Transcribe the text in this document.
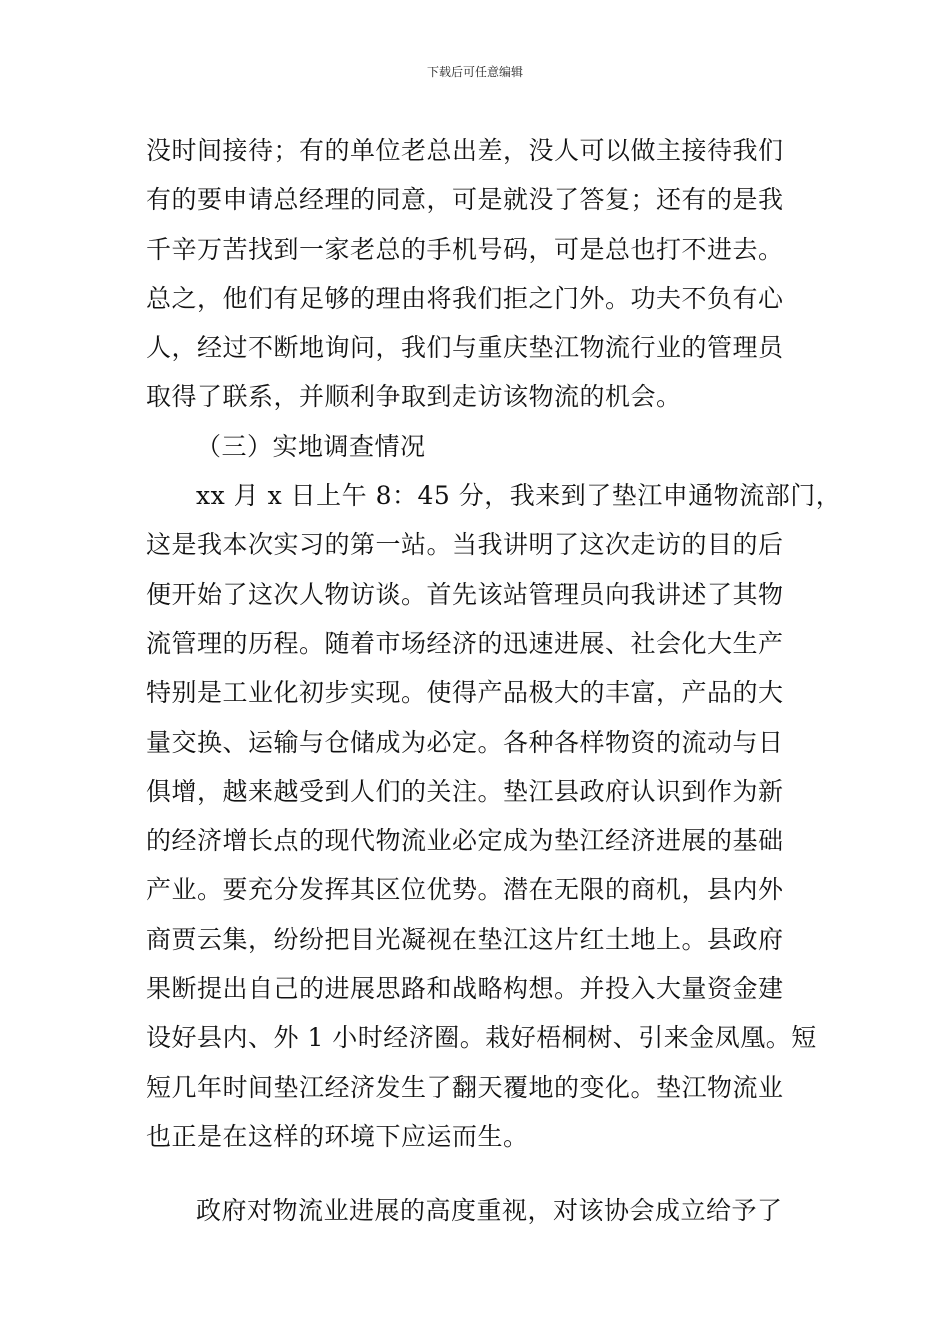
下载后可任意编辑
没时间接待；有的单位老总出差，没人可以做主接待我们
有的要申请总经理的同意，可是就没了答复；还有的是我
千辛万苦找到一家老总的手机号码，可是总也打不进去。
总之，他们有足够的理由将我们拒之门外。功夫不负有心
人，经过不断地询问，我们与重庆垫江物流行业的管理员
取得了联系，并顺利争取到走访该物流的机会。
（三）实地调查情况
xx 月 x 日上午 8：45 分，我来到了垫江申通物流部门，
这是我本次实习的第一站。当我讲明了这次走访的目的后
便开始了这次人物访谈。首先该站管理员向我讲述了其物
流管理的历程。随着市场经济的迅速进展、社会化大生产
特别是工业化初步实现。使得产品极大的丰富，产品的大
量交换、运输与仓储成为必定。各种各样物资的流动与日
俱增，越来越受到人们的关注。垫江县政府认识到作为新
的经济增长点的现代物流业必定成为垫江经济进展的基础
产业。要充分发挥其区位优势。潜在无限的商机，县内外
商贾云集，纷纷把目光凝视在垫江这片红土地上。县政府
果断提出自己的进展思路和战略构想。并投入大量资金建
设好县内、外 1 小时经济圈。栽好梧桐树、引来金凤凰。短
短几年时间垫江经济发生了翻天覆地的变化。垫江物流业
也正是在这样的环境下应运而生。
政府对物流业进展的高度重视，对该协会成立给予了
